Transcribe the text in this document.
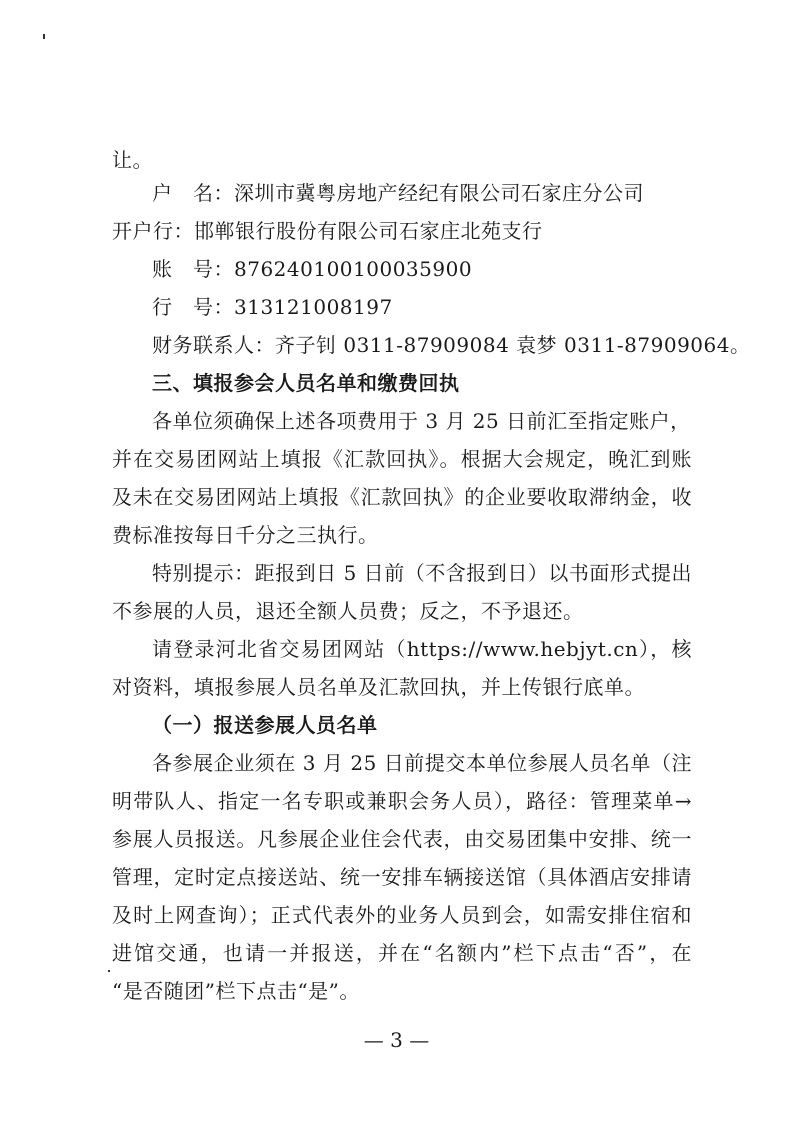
让。
户　名：深圳市冀粤房地产经纪有限公司石家庄分公司
开户行：邯郸银行股份有限公司石家庄北苑支行
账　号：876240100100035900
行　号：313121008197
财务联系人：齐子钊 0311-87909084 袁梦 0311-87909064。
三、填报参会人员名单和缴费回执
各单位须确保上述各项费用于 3 月 25 日前汇至指定账户，
并在交易团网站上填报《汇款回执》。根据大会规定，晚汇到账
及未在交易团网站上填报《汇款回执》的企业要收取滞纳金，收
费标准按每日千分之三执行。
特别提示：距报到日 5 日前（不含报到日）以书面形式提出
不参展的人员，退还全额人员费；反之，不予退还。
请登录河北省交易团网站（https://www.hebjyt.cn），核
对资料，填报参展人员名单及汇款回执，并上传银行底单。
（一）报送参展人员名单
各参展企业须在 3 月 25 日前提交本单位参展人员名单（注
明带队人、指定一名专职或兼职会务人员），路径：管理菜单→
参展人员报送。凡参展企业住会代表，由交易团集中安排、统一
管理，定时定点接送站、统一安排车辆接送馆（具体酒店安排请
及时上网查询）；正式代表外的业务人员到会，如需安排住宿和
进馆交通，也请一并报送，并在“名额内”栏下点击“否”，在
“是否随团”栏下点击“是”。
— 3 —
